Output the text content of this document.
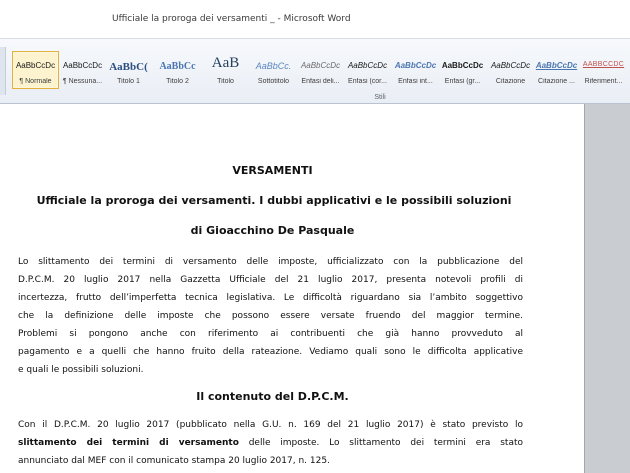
Ufficiale la proroga dei versamenti _ - Microsoft Word
AaBbCcDc
¶ Normale
AaBbCcDc
¶ Nessuna...
AaBbC(
Titolo 1
AaBbCc
Titolo 2
AaB
Titolo
AaBbCc.
Sottotitolo
AaBbCcDc
Enfasi deli...
AaBbCcDc
Enfasi (cor...
AaBbCcDc
Enfasi int...
AaBbCcDc
Enfasi (gr...
AaBbCcDc
Citazione
AaBbCcDc
Citazione ...
AABBCCDC
Riferiment...
Stili
VERSAMENTI
Ufficiale la proroga dei versamenti. I dubbi applicativi e le possibili soluzioni
di Gioacchino De Pasquale
Lo slittamento dei termini di versamento delle imposte, ufficializzato con la pubblicazione del
D.P.C.M. 20 luglio 2017 nella Gazzetta Ufficiale del 21 luglio 2017, presenta notevoli profili di
incertezza, frutto dell’imperfetta tecnica legislativa. Le difficoltà riguardano sia l’ambito soggettivo
che la definizione delle imposte che possono essere versate fruendo del maggior termine.
Problemi si pongono anche con riferimento ai contribuenti che già hanno provveduto al
pagamento e a quelli che hanno fruito della rateazione. Vediamo quali sono le difficolta applicative
e quali le possibili soluzioni.
Il contenuto del D.P.C.M.
Con il D.P.C.M. 20 luglio 2017 (pubblicato nella G.U. n. 169 del 21 luglio 2017) è stato previsto lo
slittamento dei termini di versamento delle imposte. Lo slittamento dei termini era stato
annunciato dal MEF con il comunicato stampa 20 luglio 2017, n. 125.
